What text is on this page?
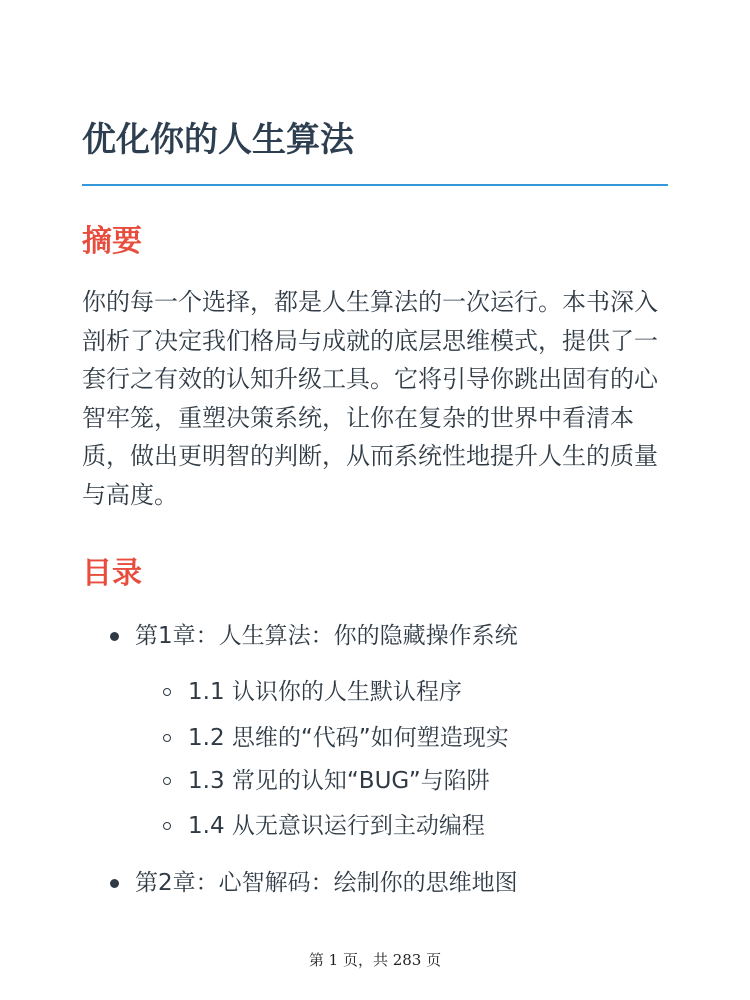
优化你的人生算法
摘要

你的每一个选择，都是人生算法的一次运行。本书深入剖析了决定我们格局与成就的底层思维模式，提供了一套行之有效的认知升级工具。它将引导你跳出固有的心智牢笼，重塑决策系统，让你在复杂的世界中看清本质，做出更明智的判断，从而系统性地提升人生的质量与高度。

目录
第1章：人生算法：你的隐藏操作系统
1.1 认识你的人生默认程序
1.2 思维的“代码”如何塑造现实
1.3 常见的认知“BUG”与陷阱
1.4 从无意识运行到主动编程
第2章：心智解码：绘制你的思维地图
第 1 页，共 283 页
